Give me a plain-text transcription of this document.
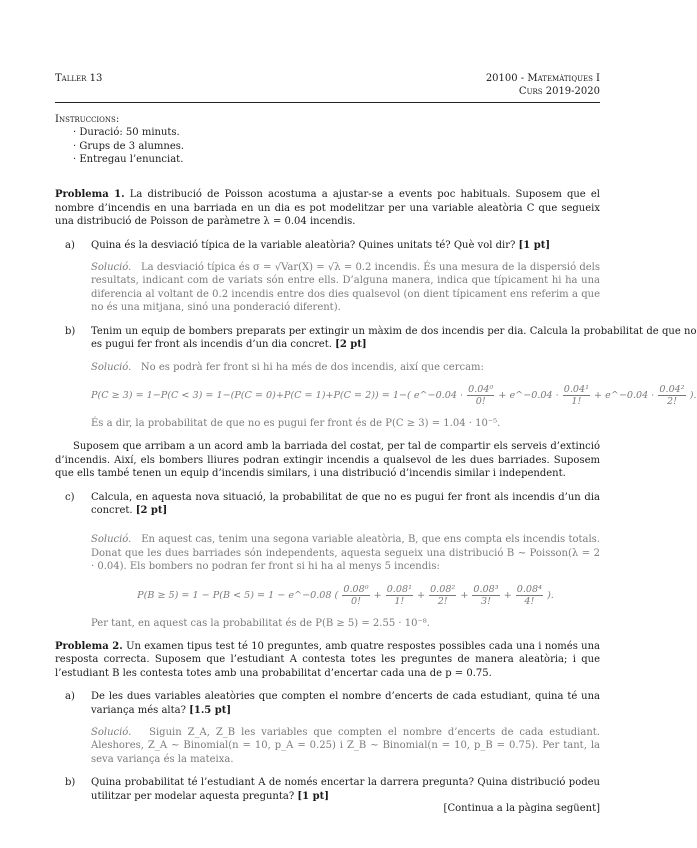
Taller 13	20100 - Matemàtiques I
Curs 2019-2020
Instruccions:
· Duració: 50 minuts.
· Grups de 3 alumnes.
· Entregau l’enunciat.

Problema 1. La distribució de Poisson acostuma a ajustar-se a events poc habituals. Suposem que el nombre d’incendis en una barriada en un dia es pot modelitzar per una variable aleatòria C que segueix una distribució de Poisson de paràmetre λ = 0.04 incendis.

a)	Quina és la desviació típica de la variable aleatòria? Quines unitats té? Què vol dir? [1 pt]

Solució. La desviació típica és σ = √Var(X) = √λ = 0.2 incendis. És una mesura de la dispersió dels resultats, indicant com de variats són entre ells. D’alguna manera, indica que típicament hi ha una diferencia al voltant de 0.2 incendis entre dos dies qualsevol (on dient típicament ens referim a que no és una mitjana, sinó una ponderació diferent).

b)	Tenim un equip de bombers preparats per extingir un màxim de dos incendis per dia. Calcula la probabilitat de que no es pugui fer front als incendis d’un dia concret. [2 pt]

Solució. No es podrà fer front si hi ha més de dos incendis, així que cercam:

P(C ≥ 3) = 1−P(C < 3) = 1−(P(C = 0)+P(C = 1)+P(C = 2)) = 1−( e^−0.04 · $\frac{\text{0.04⁰}}{0!}$ + e^−0.04 · $\frac{\text{0.04¹}}{1!}$ + e^−0.04 · $\frac{\text{0.04²}}{2!}$ ).

És a dir, la probabilitat de que no es pugui fer front és de P(C ≥ 3) = 1.04 · 10⁻⁵.

Suposem que arribam a un acord amb la barriada del costat, per tal de compartir els serveis d’extinció d’incendis. Així, els bombers lliures podran extingir incendis a qualsevol de les dues barriades. Suposem que ells també tenen un equip d’incendis similars, i una distribució d’incendis similar i independent.

c)	Calcula, en aquesta nova situació, la probabilitat de que no es pugui fer front als incendis d’un dia concret. [2 pt]

Solució. En aquest cas, tenim una segona variable aleatòria, B, que ens compta els incendis totals. Donat que les dues barriades són independents, aquesta segueix una distribució B ∼ Poisson(λ = 2 · 0.04). Els bombers no podran fer front si hi ha al menys 5 incendis:

P(B ≥ 5) = 1 − P(B < 5) = 1 − e^−0.08 ( $\frac{\text{0.08⁰}}{0!} + \frac{\text{0.08¹}}{1!} + \frac{\text{0.08²}}{2!} + \frac{\text{0.08³}}{3!} + \frac{\text{0.08⁴}}{4!}$ ).

Per tant, en aquest cas la probabilitat és de P(B ≥ 5) = 2.55 · 10⁻⁸.

Problema 2. Un examen tipus test té 10 preguntes, amb quatre respostes possibles cada una i només una resposta correcta. Suposem que l’estudiant A contesta totes les preguntes de manera aleatòria; i que l’estudiant B les contesta totes amb una probabilitat d’encertar cada una de p = 0.75.

a)	De les dues variables aleatòries que compten el nombre d’encerts de cada estudiant, quina té una variança més alta? [1.5 pt]

Solució. Siguin Z_A, Z_B les variables que compten el nombre d’encerts de cada estudiant. Aleshores, Z_A ∼ Binomial(n = 10, p_A = 0.25) i Z_B ∼ Binomial(n = 10, p_B = 0.75). Per tant, la seva variança és la mateixa.

b)	Quina probabilitat té l’estudiant A de només encertar la darrera pregunta? Quina distribució podeu utilitzar per modelar aquesta pregunta? [1 pt]

[Continua a la pàgina següent]
